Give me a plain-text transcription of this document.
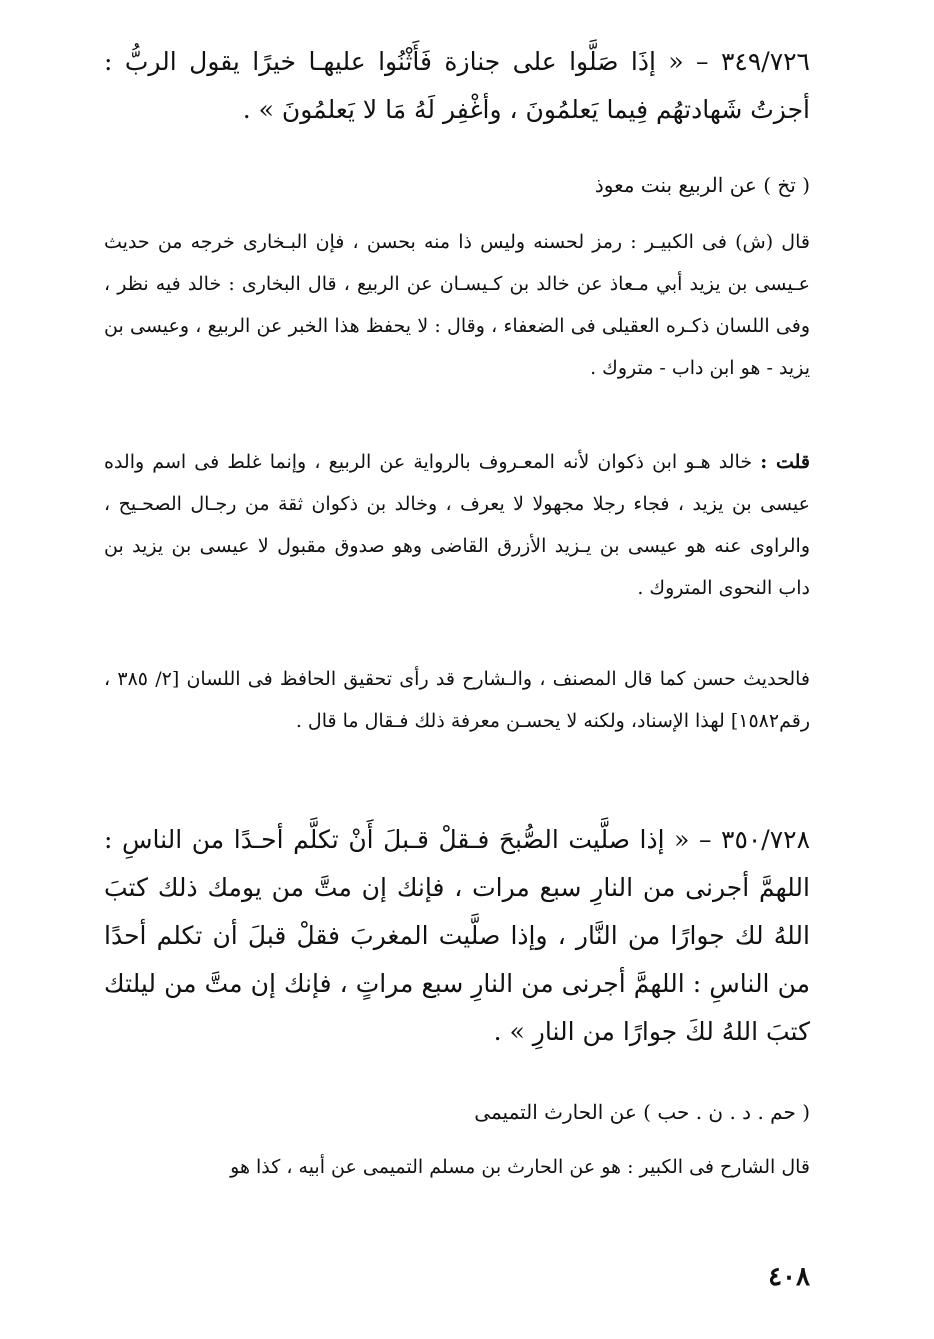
٣٤٩/٧٢٦ – « إذَا صَلَّوا على جنازة فَأَثْنُوا عليهـا خيرًا يقول الربُّ : أجزتُ شَهادتهُم فِيما يَعلمُونَ ، وأغْفِر لَهُ مَا لا يَعلمُونَ » .

( تخ ) عن الربيع بنت معوذ

قال (ش) فى الكبيـر : رمز لحسنه وليس ذا منه بحسن ، فإن البـخارى خرجه من حديث عـيسى بن يزيد أبي مـعاذ عن خالد بن كـيسـان عن الربيع ، قال البخارى : خالد فيه نظر ، وفى اللسان ذكـره العقيلى فى الضعفاء ، وقال : لا يحفظ هذا الخبر عن الربيع ، وعيسى بن يزيد - هو ابن داب - متروك .

قلت : خالد هـو ابن ذكوان لأنه المعـروف بالرواية عن الربيع ، وإنما غلط فى اسم والده عيسى بن يزيد ، فجاء رجلا مجهولا لا يعرف ، وخالد بن ذكوان ثقة من رجـال الصحـيح ، والراوى عنه هو عيسى بن يـزيد الأزرق القاضى وهو صدوق مقبول لا عيسى بن يزيد بن داب النحوى المتروك .

فالحديث حسن كما قال المصنف ، والـشارح قد رأى تحقيق الحافظ فى اللسان [٢/ ٣٨٥ ، رقم١٥٨٢] لهذا الإسناد، ولكنه لا يحسـن معرفة ذلك فـقال ما قال .

٣٥٠/٧٢٨ – « إذا صلَّيت الصُّبحَ فـقلْ قـبلَ أَنْ تكلَّم أحـدًا من الناسِ : اللهمَّ أجرنى من النارِ سبع مرات ، فإنك إن متَّ من يومك ذلك كتبَ اللهُ لك جوارًا من النَّار ، وإذا صلَّيت المغربَ فقلْ قبلَ أن تكلم أحدًا من الناسِ : اللهمَّ أجرنى من النارِ سبع مراتٍ ، فإنك إن متَّ من ليلتك كتبَ اللهُ لكَ جوارًا من النارِ » .

( حم . د . ن . حب ) عن الحارث التميمى

قال الشارح فى الكبير : هو عن الحارث بن مسلم التميمى عن أبيه ، كذا هو

٤٠٨
